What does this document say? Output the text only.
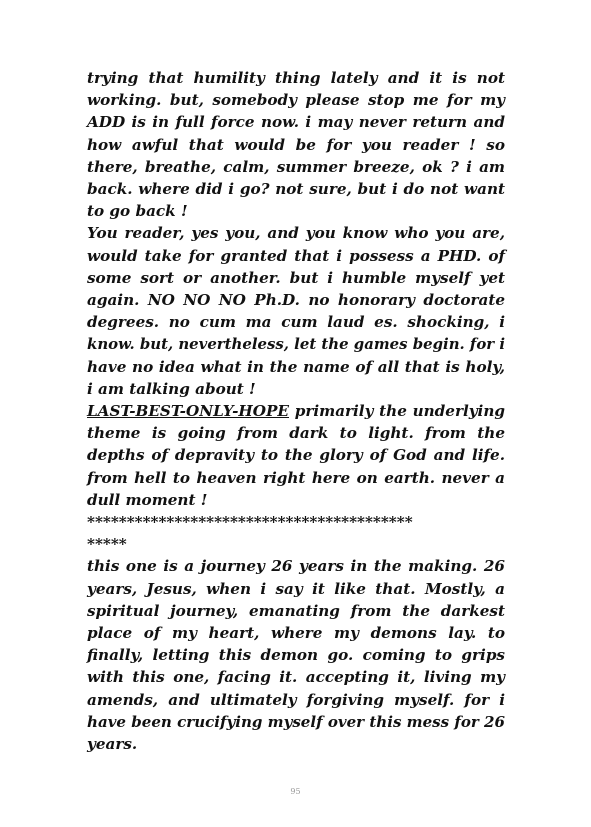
trying that humility thing lately and it is not
working. but, somebody please stop me for my
ADD is in full force now. i may never return and
how awful that would be for you reader ! so
there, breathe, calm, summer breeze, ok ? i am
back. where did i go? not sure, but i do not want
to go back !
You reader, yes you, and you know who you are,
would take for granted that i possess a PHD. of
some sort or another. but i humble myself yet
again. NO NO NO Ph.D. no honorary doctorate
degrees. no cum ma cum laud es. shocking, i
know. but, nevertheless, let the games begin. for i
have no idea what in the name of all that is holy,
i am talking about !
LAST-BEST-ONLY-HOPE primarily the underlying
theme is going from dark to light. from the
depths of depravity to the glory of God and life.
from hell to heaven right here on earth. never a
dull moment !
*****************************************
*****
this one is a journey 26 years in the making. 26
years, Jesus, when i say it like that. Mostly, a
spiritual journey, emanating from the darkest
place of my heart, where my demons lay. to
finally, letting this demon go. coming to grips
with this one, facing it. accepting it, living my
amends, and ultimately forgiving myself. for i
have been crucifying myself over this mess for 26
years.
95
